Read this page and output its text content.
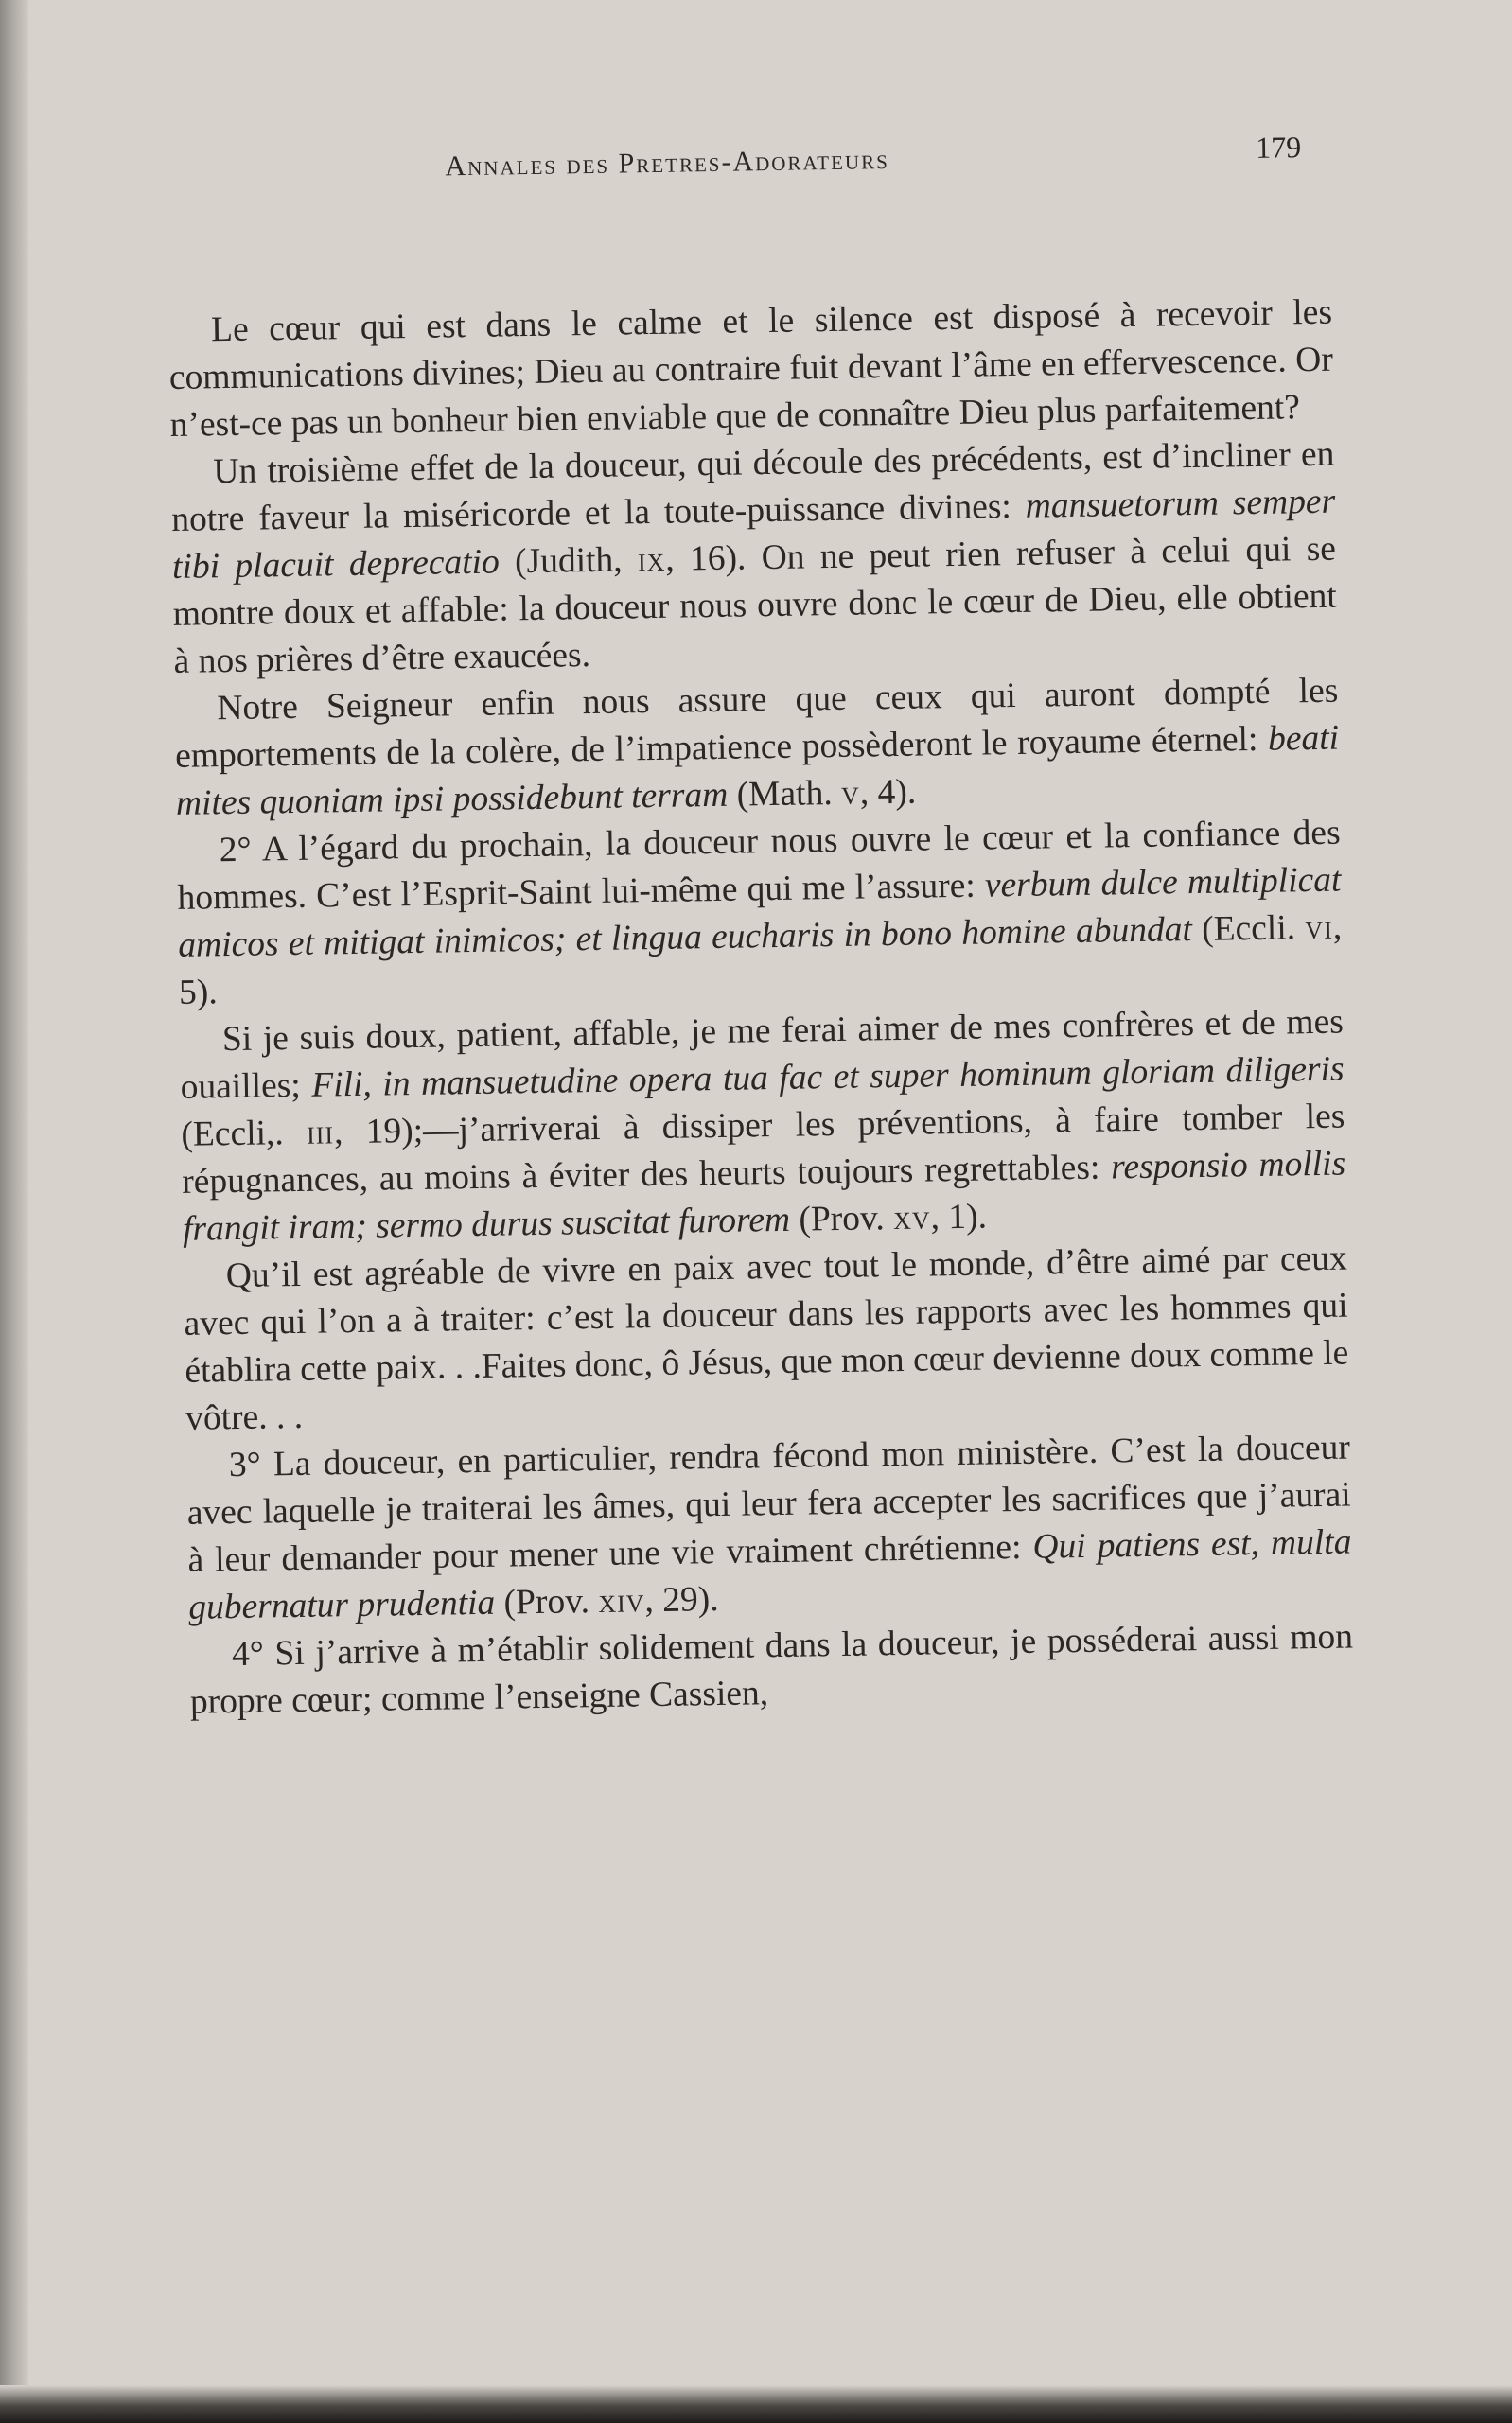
Annales des Pretres-Adorateurs	179

Le cœur qui est dans le calme et le silence est disposé à recevoir les communications divines; Dieu au contraire fuit devant l’âme en effervescence. Or n’est-ce pas un bonheur bien enviable que de connaître Dieu plus parfaitement?

Un troisième effet de la douceur, qui découle des précédents, est d’incliner en notre faveur la miséricorde et la toute-puissance divines: mansuetorum semper tibi placuit deprecatio (Judith, ix, 16). On ne peut rien refuser à celui qui se montre doux et affable: la douceur nous ouvre donc le cœur de Dieu, elle obtient à nos prières d’être exaucées.

Notre Seigneur enfin nous assure que ceux qui auront dompté les emportements de la colère, de l’impatience possèderont le royaume éternel: beati mites quoniam ipsi possidebunt terram (Math. v, 4).

2° A l’égard du prochain, la douceur nous ouvre le cœur et la confiance des hommes. C’est l’Esprit-Saint lui-même qui me l’assure: verbum dulce multiplicat amicos et mitigat inimicos; et lingua eucharis in bono homine abundat (Eccli. vi, 5).

Si je suis doux, patient, affable, je me ferai aimer de mes confrères et de mes ouailles; Fili, in mansuetudine opera tua fac et super hominum gloriam diligeris (Eccli,. iii, 19);—j’arriverai à dissiper les préventions, à faire tomber les répugnances, au moins à éviter des heurts toujours regrettables: responsio mollis frangit iram; sermo durus suscitat furorem (Prov. xv, 1).

Qu’il est agréable de vivre en paix avec tout le monde, d’être aimé par ceux avec qui l’on a à traiter: c’est la douceur dans les rapports avec les hommes qui établira cette paix. . .Faites donc, ô Jésus, que mon cœur devienne doux comme le vôtre. . .

3° La douceur, en particulier, rendra fécond mon ministère. C’est la douceur avec laquelle je traiterai les âmes, qui leur fera accepter les sacrifices que j’aurai à leur demander pour mener une vie vraiment chrétienne: Qui patiens est, multa gubernatur prudentia (Prov. xiv, 29).

4° Si j’arrive à m’établir solidement dans la douceur, je posséderai aussi mon propre cœur; comme l’enseigne Cassien,
